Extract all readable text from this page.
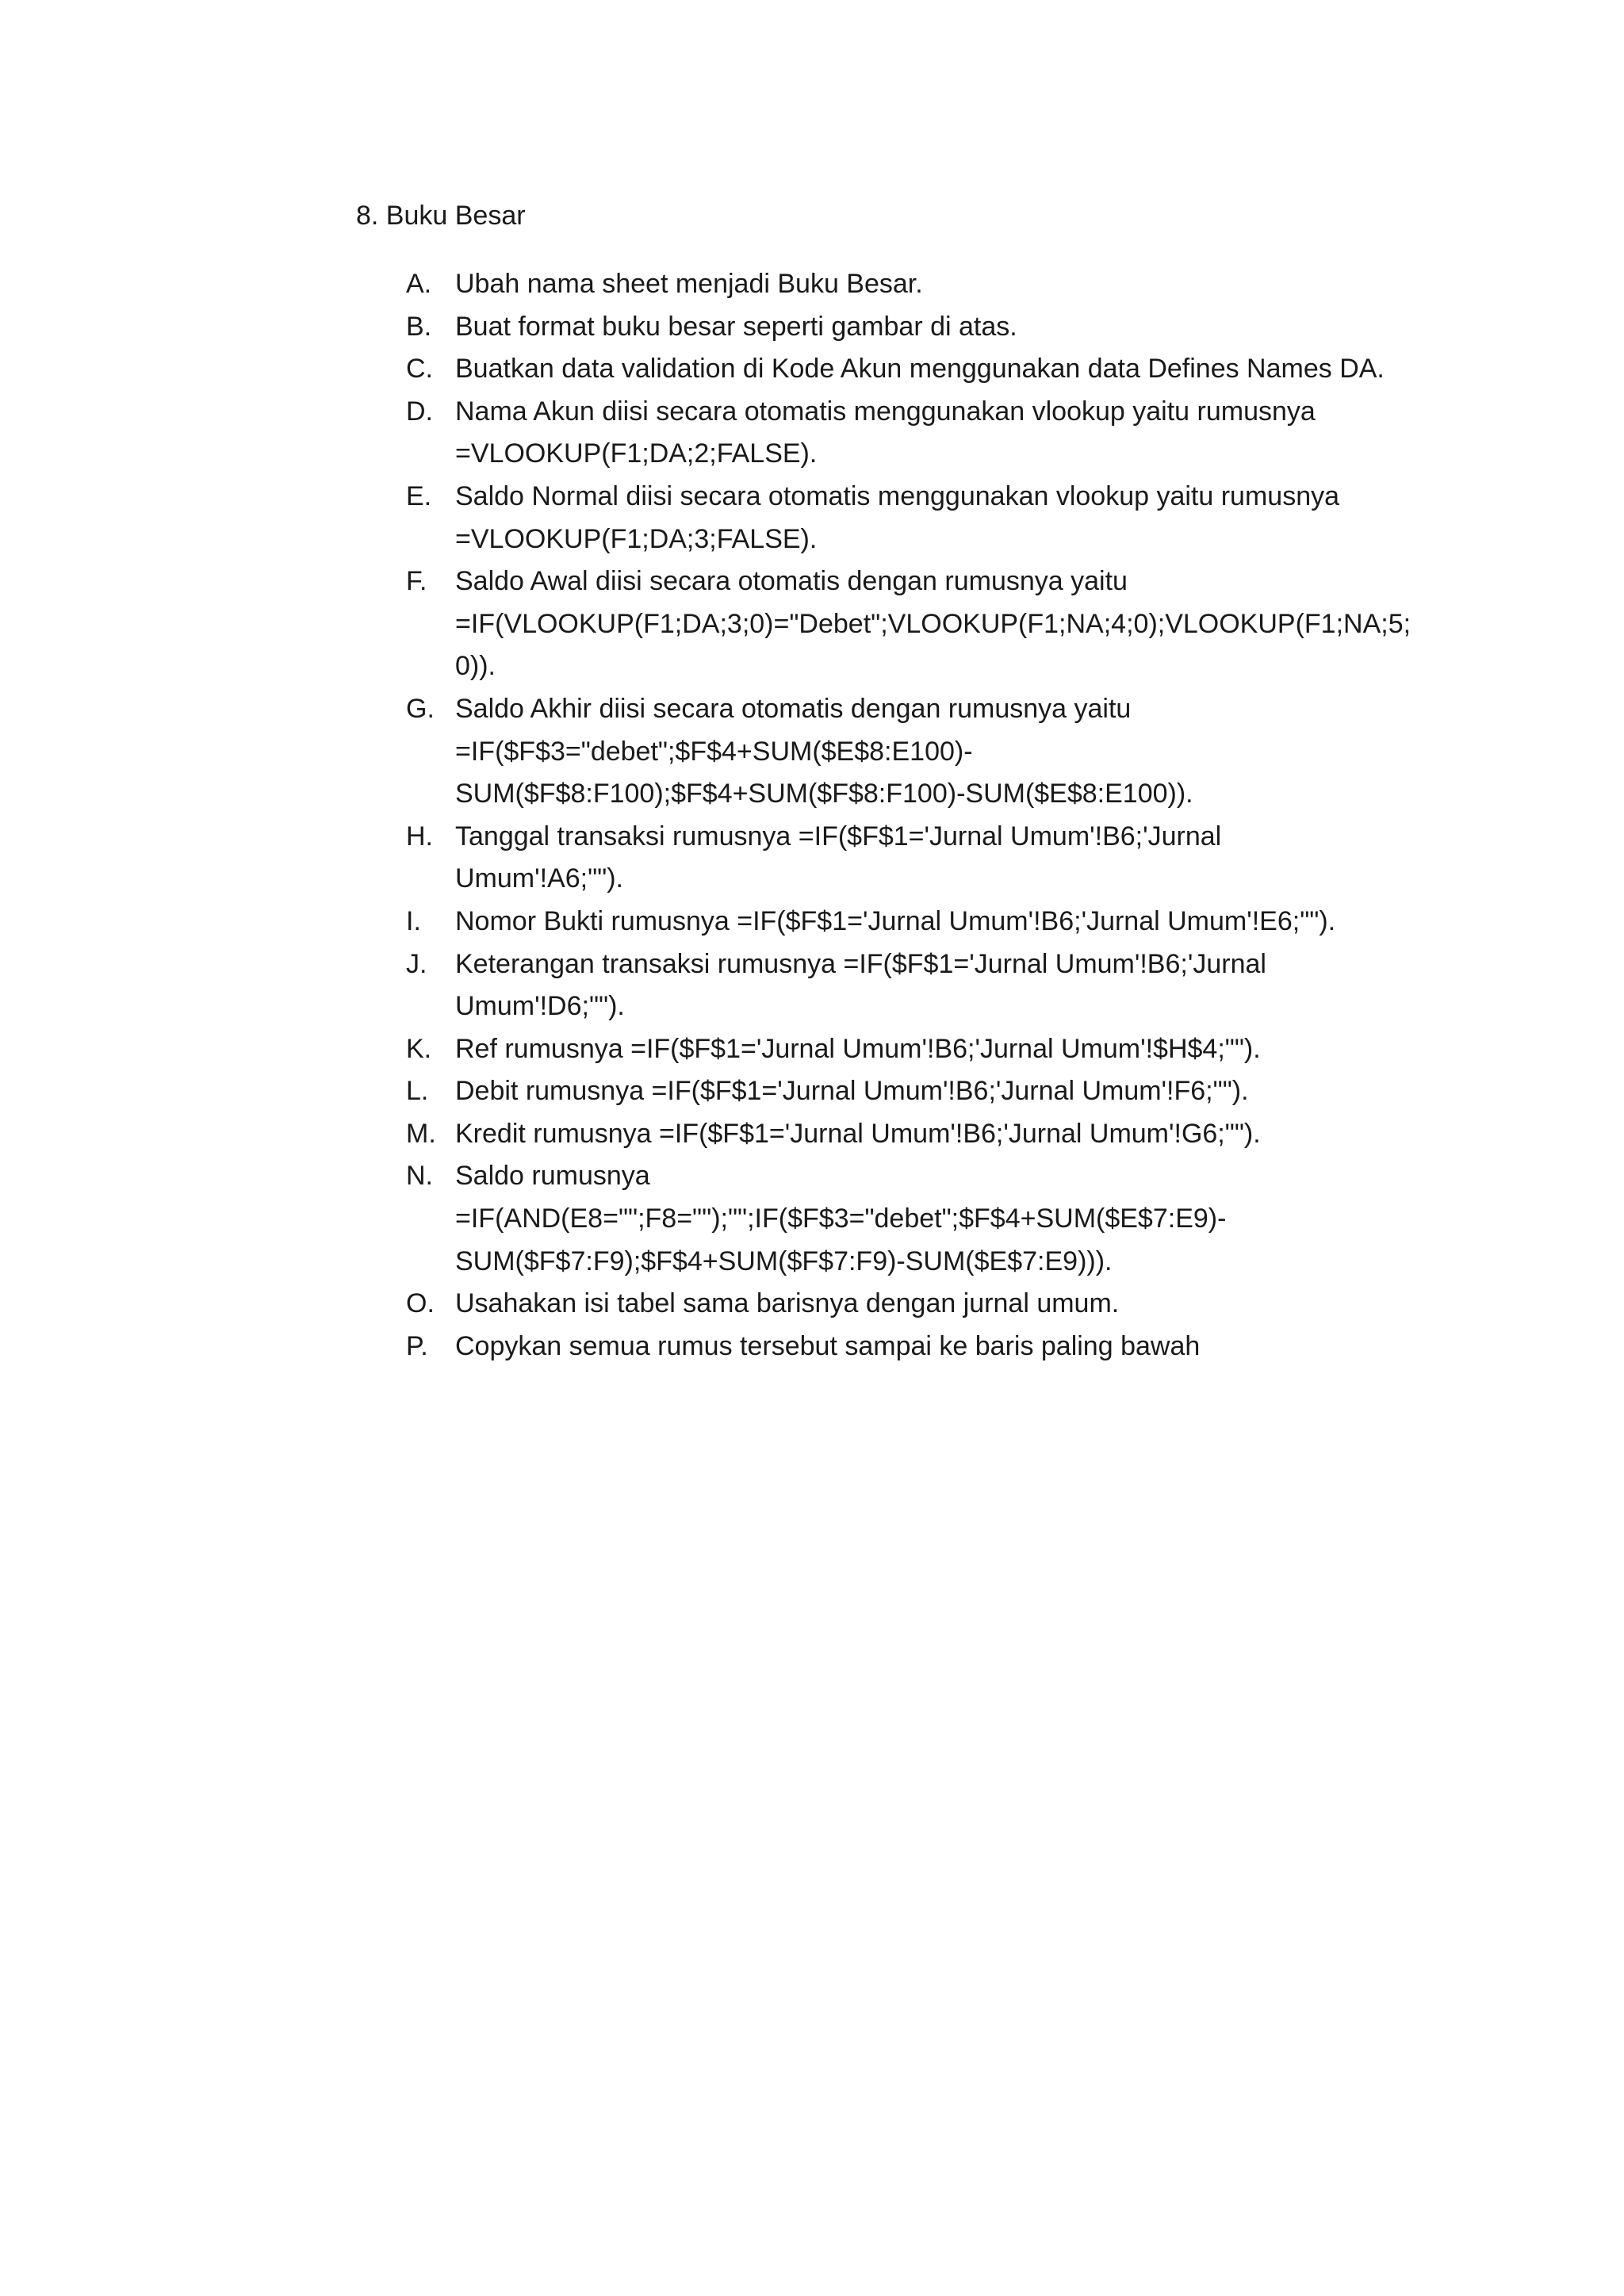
8. Buku Besar
A. Ubah nama sheet menjadi Buku Besar.
B. Buat format buku besar seperti gambar di atas.
C. Buatkan data validation di Kode Akun menggunakan data Defines Names DA.
D. Nama Akun diisi secara otomatis menggunakan vlookup yaitu rumusnya
=VLOOKUP(F1;DA;2;FALSE).
E. Saldo Normal diisi secara otomatis menggunakan vlookup yaitu rumusnya
=VLOOKUP(F1;DA;3;FALSE).
F.	Saldo Awal diisi secara otomatis dengan rumusnya yaitu
=IF(VLOOKUP(F1;DA;3;0)="Debet";VLOOKUP(F1;NA;4;0);VLOOKUP(F1;NA;5;
0)).
G. Saldo Akhir diisi secara otomatis dengan rumusnya yaitu
=IF($F$3="debet";$F$4+SUM($E$8:E100)-
SUM($F$8:F100);$F$4+SUM($F$8:F100)-SUM($E$8:E100)).
H. Tanggal transaksi rumusnya =IF($F$1='Jurnal Umum'!B6;'Jurnal
Umum'!A6;"").
I.	Nomor Bukti rumusnya =IF($F$1='Jurnal Umum'!B6;'Jurnal Umum'!E6;"").
J.	Keterangan transaksi rumusnya =IF($F$1='Jurnal Umum'!B6;'Jurnal
Umum'!D6;"").
K. Ref rumusnya =IF($F$1='Jurnal Umum'!B6;'Jurnal Umum'!$H$4;"").
L. Debit rumusnya =IF($F$1='Jurnal Umum'!B6;'Jurnal Umum'!F6;"").
M. Kredit rumusnya =IF($F$1='Jurnal Umum'!B6;'Jurnal Umum'!G6;"").
N. Saldo rumusnya
=IF(AND(E8="";F8="");"";IF($F$3="debet";$F$4+SUM($E$7:E9)-
SUM($F$7:F9);$F$4+SUM($F$7:F9)-SUM($E$7:E9))).
O. Usahakan isi tabel sama barisnya dengan jurnal umum.
P.	Copykan semua rumus tersebut sampai ke baris paling bawah
